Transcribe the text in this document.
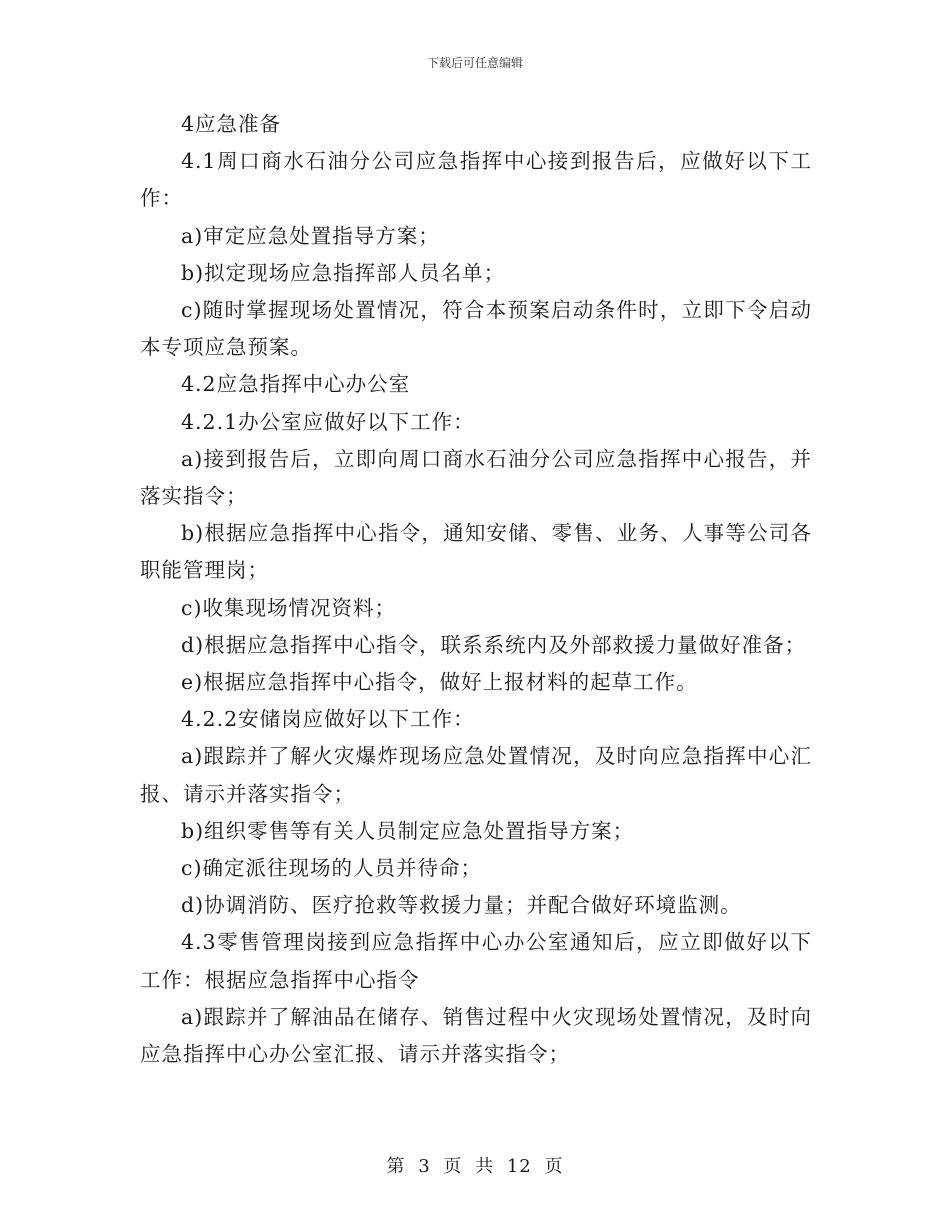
下载后可任意编辑

4应急准备

4.1周口商水石油分公司应急指挥中心接到报告后，应做好以下工作：

a)审定应急处置指导方案；

b)拟定现场应急指挥部人员名单；

c)随时掌握现场处置情况，符合本预案启动条件时，立即下令启动本专项应急预案。

4.2应急指挥中心办公室

4.2.1办公室应做好以下工作：

a)接到报告后，立即向周口商水石油分公司应急指挥中心报告，并落实指令；

b)根据应急指挥中心指令，通知安储、零售、业务、人事等公司各职能管理岗；

c)收集现场情况资料；

d)根据应急指挥中心指令，联系系统内及外部救援力量做好准备；

e)根据应急指挥中心指令，做好上报材料的起草工作。

4.2.2安储岗应做好以下工作：

a)跟踪并了解火灾爆炸现场应急处置情况，及时向应急指挥中心汇报、请示并落实指令；

b)组织零售等有关人员制定应急处置指导方案；

c)确定派往现场的人员并待命；

d)协调消防、医疗抢救等救援力量；并配合做好环境监测。

4.3零售管理岗接到应急指挥中心办公室通知后，应立即做好以下工作：根据应急指挥中心指令

a)跟踪并了解油品在储存、销售过程中火灾现场处置情况，及时向应急指挥中心办公室汇报、请示并落实指令；

第 3 页 共 12 页
